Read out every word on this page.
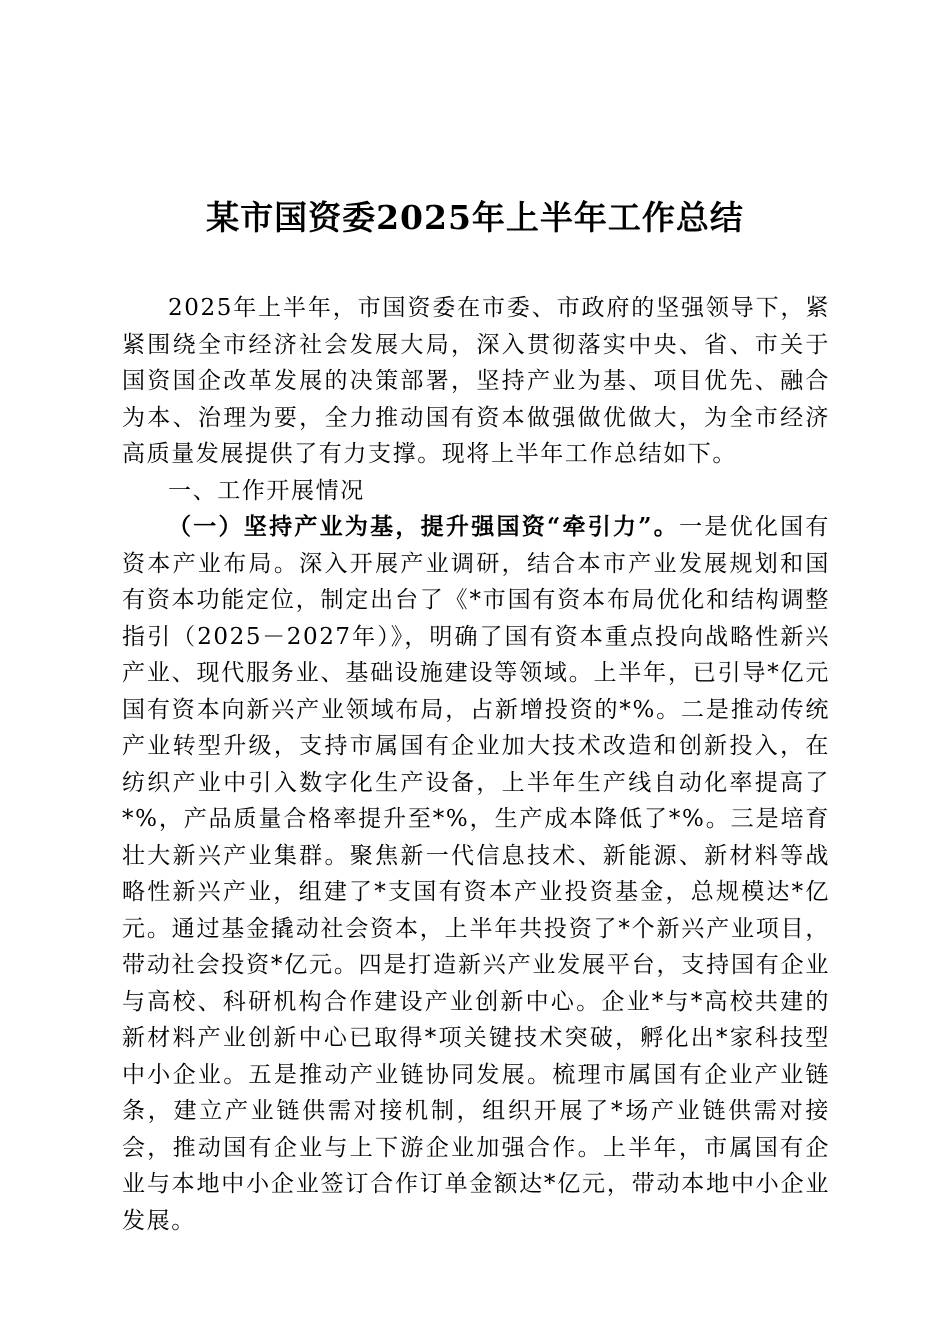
某市国资委2025年上半年工作总结

2025年上半年，市国资委在市委、市政府的坚强领导下，紧紧围绕全市经济社会发展大局，深入贯彻落实中央、省、市关于国资国企改革发展的决策部署，坚持产业为基、项目优先、融合为本、治理为要，全力推动国有资本做强做优做大，为全市经济高质量发展提供了有力支撑。现将上半年工作总结如下。

一、工作开展情况

（一）坚持产业为基，提升强国资“牵引力”。一是优化国有资本产业布局。深入开展产业调研，结合本市产业发展规划和国有资本功能定位，制定出台了《*市国有资本布局优化和结构调整指引（2025－2027年）》，明确了国有资本重点投向战略性新兴产业、现代服务业、基础设施建设等领域。上半年，已引导*亿元国有资本向新兴产业领域布局，占新增投资的*%。二是推动传统产业转型升级，支持市属国有企业加大技术改造和创新投入，在纺织产业中引入数字化生产设备，上半年生产线自动化率提高了*%，产品质量合格率提升至*%，生产成本降低了*%。三是培育壮大新兴产业集群。聚焦新一代信息技术、新能源、新材料等战略性新兴产业，组建了*支国有资本产业投资基金，总规模达*亿元。通过基金撬动社会资本，上半年共投资了*个新兴产业项目，带动社会投资*亿元。四是打造新兴产业发展平台，支持国有企业与高校、科研机构合作建设产业创新中心。企业*与*高校共建的新材料产业创新中心已取得*项关键技术突破，孵化出*家科技型中小企业。五是推动产业链协同发展。梳理市属国有企业产业链条，建立产业链供需对接机制，组织开展了*场产业链供需对接会，推动国有企业与上下游企业加强合作。上半年，市属国有企业与本地中小企业签订合作订单金额达*亿元，带动本地中小企业发展。
